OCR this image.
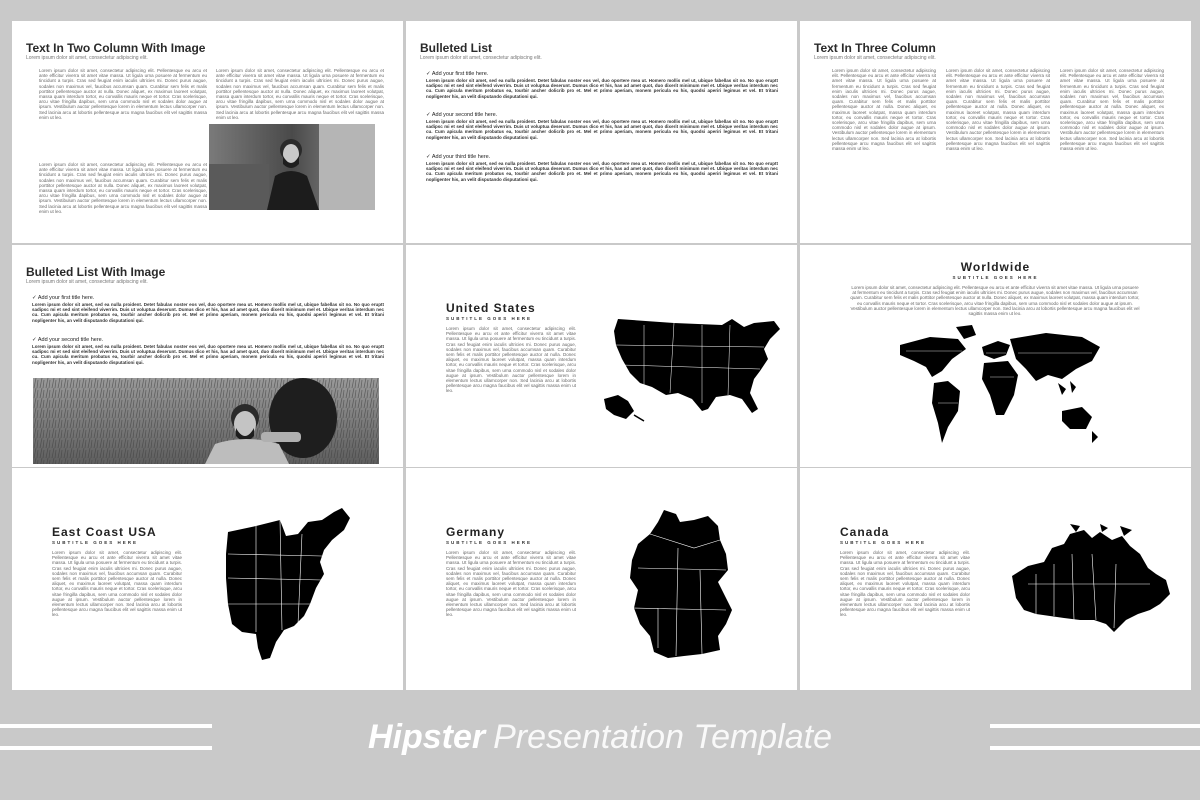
Text In Two Column With Image
Lorem ipsum dolor sit amet, consectetur adipiscing elit.
Lorem ipsum dolor sit amet, consectetur adipiscing elit. Pellentesque eu arcu et ante efficitur viverra sit amet vitae massa. Ut ligula urna posuere at fermentum eu tincidunt a turpis. Cras sed feugiat enim iaculis ultricies mi. Donec purus augue, sodales non maximus vel, faucibus accumsan quam. Curabitur sem felis et malis porttitor pellentesque auctor at nulla. Donec aliquet, ex maximus laoreet volutpat, massa quam interdum tortor, eu convallis mauris neque et tortor. Cras scelerisque, arcu vitae fringilla dapibus, sem urna commodo nisl et sodales dolor augue at ipsum. Vestibulum auctor pellentesque lorem in elementum lectus ullamcorper non. Sed lacinia arcu at lobortis pellentesque arcu magna faucibus elit vel sagittis massa enim ut leo.
Lorem ipsum dolor sit amet, consectetur adipiscing elit. Pellentesque eu arcu et ante efficitur viverra sit amet vitae massa. Ut ligula urna posuere at fermentum eu tincidunt a turpis. Cras sed feugiat enim iaculis ultricies mi. Donec purus augue, sodales non maximus vel, faucibus accumsan quam. Curabitur sem felis et malis porttitor pellentesque auctor at nulla. Donec aliquet, ex maximus laoreet volutpat, massa quam interdum tortor, eu convallis mauris neque et tortor. Cras scelerisque, arcu vitae fringilla dapibus, sem urna commodo nisl et sodales dolor augue at ipsum. Vestibulum auctor pellentesque lorem in elementum lectus ullamcorper non. Sed lacinia arcu at lobortis pellentesque arcu magna faucibus elit vel sagittis massa enim ut leo.
Lorem ipsum dolor sit amet, consectetur adipiscing elit. Pellentesque eu arcu et ante efficitur viverra sit amet vitae massa. Ut ligula urna posuere at fermentum eu tincidunt a turpis. Cras sed feugiat enim iaculis ultricies mi. Donec purus augue, sodales non maximus vel, faucibus accumsan quam. Curabitur sem felis et malis porttitor pellentesque auctor at nulla. Donec aliquet, ex maximus laoreet volutpat, massa quam interdum tortor, eu convallis mauris neque et tortor. Cras scelerisque, arcu vitae fringilla dapibus, sem urna commodo nisl et sodales dolor augue at ipsum. Vestibulum auctor pellentesque lorem in elementum lectus ullamcorper non. Sed lacinia arcu at lobortis pellentesque arcu magna faucibus elit vel sagittis massa enim ut leo.
Bulleted List
Lorem ipsum dolor sit amet, consectetur adipiscing elit.
✓ Add your first title here.
Lorem ipsum dolor sit amet, sed ea nulla proident. Detet fabulas noster eos vel, duo oportere mea ut. Homero mollis mel ut, ubique fabellas sit no. No quo eruptt sadipsc mi et sed sint eleifend viverrim. Duis ut voluptua deserunt. Dumus dico et his, has ad amet quot, duo dixerit minimum mel et. Ubique veritas interdum nec cu. Cum apicula meritum probatus ea, tourbir ancher dolicrib pro et. Mel et primo aperiam, monem pericula eu his, quodsi aperiri legimus et vel. Et tritani nopligenter his, an velit disputando disputationi qui.
✓ Add your second title here.
Lorem ipsum dolor sit amet, sed ea nulla proident. Detet fabulas noster eos vel, duo oportere mea ut. Homero mollis mel ut, ubique fabellas sit no. No quo eruptt sadipsc mi et sed sint eleifend viverrim. Duis ut voluptua deserunt. Dumus dico et his, has ad amet quot, duo dixerit minimum mel et. Ubique veritas interdum nec cu. Cum apicula meritum probatus ea, tourbir ancher dolicrib pro et. Mel et primo aperiam, monem pericula eu his, quodsi aperiri legimus et vel. Et tritani nopligenter his, an velit disputando disputationi qui.
✓ Add your third title here.
Lorem ipsum dolor sit amet, sed ea nulla proident. Detet fabulas noster eos vel, duo oportere mea ut. Homero mollis mel ut, ubique fabellas sit no. No quo eruptt sadipsc mi et sed sint eleifend viverrim. Duis ut voluptua deserunt. Dumus dico et his, has ad amet quot, duo dixerit minimum mel et. Ubique veritas interdum nec cu. Cum apicula meritum probatus ea, tourbir ancher dolicrib pro et. Mel et primo aperiam, monem pericula eu his, quodsi aperiri legimus et vel. Et tritani nopligenter his, an velit disputando disputationi qui.
Text In Three Column
Lorem ipsum dolor sit amet, consectetur adipiscing elit.
Lorem ipsum dolor sit amet, consectetur adipiscing elit. Pellentesque eu arcu et ante efficitur viverra sit amet vitae massa. Ut ligula urna posuere at fermentum eu tincidunt a turpis. Cras sed feugiat enim iaculis ultricies mi. Donec purus augue, sodales non maximus vel, faucibus accumsan quam. Curabitur sem felis et malis porttitor pellentesque auctor at nulla. Donec aliquet, ex maximus laoreet volutpat, massa quam interdum tortor, eu convallis mauris neque et tortor. Cras scelerisque, arcu vitae fringilla dapibus, sem urna commodo nisl et sodales dolor augue at ipsum. Vestibulum auctor pellentesque lorem in elementum lectus ullamcorper non. Sed lacinia arcu at lobortis pellentesque arcu magna faucibus elit vel sagittis massa enim ut leo.
Lorem ipsum dolor sit amet, consectetur adipiscing elit. Pellentesque eu arcu et ante efficitur viverra sit amet vitae massa. Ut ligula urna posuere at fermentum eu tincidunt a turpis. Cras sed feugiat enim iaculis ultricies mi. Donec purus augue, sodales non maximus vel, faucibus accumsan quam. Curabitur sem felis et malis porttitor pellentesque auctor at nulla. Donec aliquet, ex maximus laoreet volutpat, massa quam interdum tortor, eu convallis mauris neque et tortor. Cras scelerisque, arcu vitae fringilla dapibus, sem urna commodo nisl et sodales dolor augue at ipsum. Vestibulum auctor pellentesque lorem in elementum lectus ullamcorper non. Sed lacinia arcu at lobortis pellentesque arcu magna faucibus elit vel sagittis massa enim ut leo.
Lorem ipsum dolor sit amet, consectetur adipiscing elit. Pellentesque eu arcu et ante efficitur viverra sit amet vitae massa. Ut ligula urna posuere at fermentum eu tincidunt a turpis. Cras sed feugiat enim iaculis ultricies mi. Donec purus augue, sodales non maximus vel, faucibus accumsan quam. Curabitur sem felis et malis porttitor pellentesque auctor at nulla. Donec aliquet, ex maximus laoreet volutpat, massa quam interdum tortor, eu convallis mauris neque et tortor. Cras scelerisque, arcu vitae fringilla dapibus, sem urna commodo nisl et sodales dolor augue at ipsum. Vestibulum auctor pellentesque lorem in elementum lectus ullamcorper non. Sed lacinia arcu at lobortis pellentesque arcu magna faucibus elit vel sagittis massa enim ut leo.
Bulleted List With Image
Lorem ipsum dolor sit amet, consectetur adipiscing elit.
✓ Add your first title here.
Lorem ipsum dolor sit amet, sed ea nulla proident. Detet fabulas noster eos vel, duo oportere mea ut. Homero mollis mel ut, ubique fabellas sit no. No quo eruptt sadipsc mi et sed sint eleifend viverrim. Duis ut voluptua deserunt. Dumus dico et his, has ad amet quot, duo dixerit minimum mel et. Ubique veritas interdum nec cu. Cum apicula meritum probatus ea, tourbir ancher dolicrib pro et. Mel et primo aperiam, monem pericula eu his, quodsi aperiri legimus et vel. Et tritani nopligenter his, an velit disputando disputationi qui.
✓ Add your second title here.
Lorem ipsum dolor sit amet, sed ea nulla proident. Detet fabulas noster eos vel, duo oportere mea ut. Homero mollis mel ut, ubique fabellas sit no. No quo eruptt sadipsc mi et sed sint eleifend viverrim. Duis ut voluptua deserunt. Dumus dico et his, has ad amet quot, duo dixerit minimum mel et. Ubique veritas interdum nec cu. Cum apicula meritum probatus ea, tourbir ancher dolicrib pro et. Mel et primo aperiam, monem pericula eu his, quodsi aperiri legimus et vel. Et tritani nopligenter his, an velit disputando disputationi qui.
United States
SUBTITLE GOES HERE
Lorem ipsum dolor sit amet, consectetur adipiscing elit. Pellentesque eu arcu et ante efficitur viverra sit amet vitae massa. Ut ligula urna posuere at fermentum eu tincidunt a turpis. Cras sed feugiat enim iaculis ultricies mi. Donec purus augue, sodales non maximus vel, faucibus accumsan quam. Curabitur sem felis et malis porttitor pellentesque auctor at nulla. Donec aliquet, ex maximus laoreet volutpat, massa quam interdum tortor, eu convallis mauris neque et tortor. Cras scelerisque, arcu vitae fringilla dapibus, sem urna commodo nisl et sodales dolor augue at ipsum. Vestibulum auctor pellentesque lorem in elementum lectus ullamcorper non. Sed lacinia arcu at lobortis pellentesque arcu magna faucibus elit vel sagittis massa enim ut leo.
Worldwide
SUBTITLE GOES HERE
Lorem ipsum dolor sit amet, consectetur adipiscing elit. Pellentesque eu arcu et ante efficitur viverra sit amet vitae massa. Ut ligula urna posuere at fermentum eu tincidunt a turpis. Cras sed feugiat enim iaculis ultricies mi. Donec purus augue, sodales non maximus vel, faucibus accumsan quam. Curabitur sem felis et malis porttitor pellentesque auctor at nulla. Donec aliquet, ex maximus laoreet volutpat, massa quam interdum tortor, eu convallis mauris neque et tortor. Cras scelerisque, arcu vitae fringilla dapibus, sem urna commodo nisl et sodales dolor augue at ipsum. Vestibulum auctor pellentesque lorem in elementum lectus ullamcorper non. Sed lacinia arcu at lobortis pellentesque arcu magna faucibus elit vel sagittis massa enim ut leo.
East Coast USA
SUBTITLE GOES HERE
Lorem ipsum dolor sit amet, consectetur adipiscing elit. Pellentesque eu arcu et ante efficitur viverra sit amet vitae massa. Ut ligula urna posuere at fermentum eu tincidunt a turpis. Cras sed feugiat enim iaculis ultricies mi. Donec purus augue, sodales non maximus vel, faucibus accumsan quam. Curabitur sem felis et malis porttitor pellentesque auctor at nulla. Donec aliquet, ex maximus laoreet volutpat, massa quam interdum tortor, eu convallis mauris neque et tortor. Cras scelerisque, arcu vitae fringilla dapibus, sem urna commodo nisl et sodales dolor augue at ipsum. Vestibulum auctor pellentesque lorem in elementum lectus ullamcorper non. Sed lacinia arcu at lobortis pellentesque arcu magna faucibus elit vel sagittis massa enim ut leo.
Germany
SUBTITLE GOES HERE
Lorem ipsum dolor sit amet, consectetur adipiscing elit. Pellentesque eu arcu et ante efficitur viverra sit amet vitae massa. Ut ligula urna posuere at fermentum eu tincidunt a turpis. Cras sed feugiat enim iaculis ultricies mi. Donec purus augue, sodales non maximus vel, faucibus accumsan quam. Curabitur sem felis et malis porttitor pellentesque auctor at nulla. Donec aliquet, ex maximus laoreet volutpat, massa quam interdum tortor, eu convallis mauris neque et tortor. Cras scelerisque, arcu vitae fringilla dapibus, sem urna commodo nisl et sodales dolor augue at ipsum. Vestibulum auctor pellentesque lorem in elementum lectus ullamcorper non. Sed lacinia arcu at lobortis pellentesque arcu magna faucibus elit vel sagittis massa enim ut leo.
Canada
SUBTITLE GOES HERE
Lorem ipsum dolor sit amet, consectetur adipiscing elit. Pellentesque eu arcu et ante efficitur viverra sit amet vitae massa. Ut ligula urna posuere at fermentum eu tincidunt a turpis. Cras sed feugiat enim iaculis ultricies mi. Donec purus augue, sodales non maximus vel, faucibus accumsan quam. Curabitur sem felis et malis porttitor pellentesque auctor at nulla. Donec aliquet, ex maximus laoreet volutpat, massa quam interdum tortor, eu convallis mauris neque et tortor. Cras scelerisque, arcu vitae fringilla dapibus, sem urna commodo nisl et sodales dolor augue at ipsum. Vestibulum auctor pellentesque lorem in elementum lectus ullamcorper non. Sed lacinia arcu at lobortis pellentesque arcu magna faucibus elit vel sagittis massa enim ut leo.
Hipster Presentation Template
